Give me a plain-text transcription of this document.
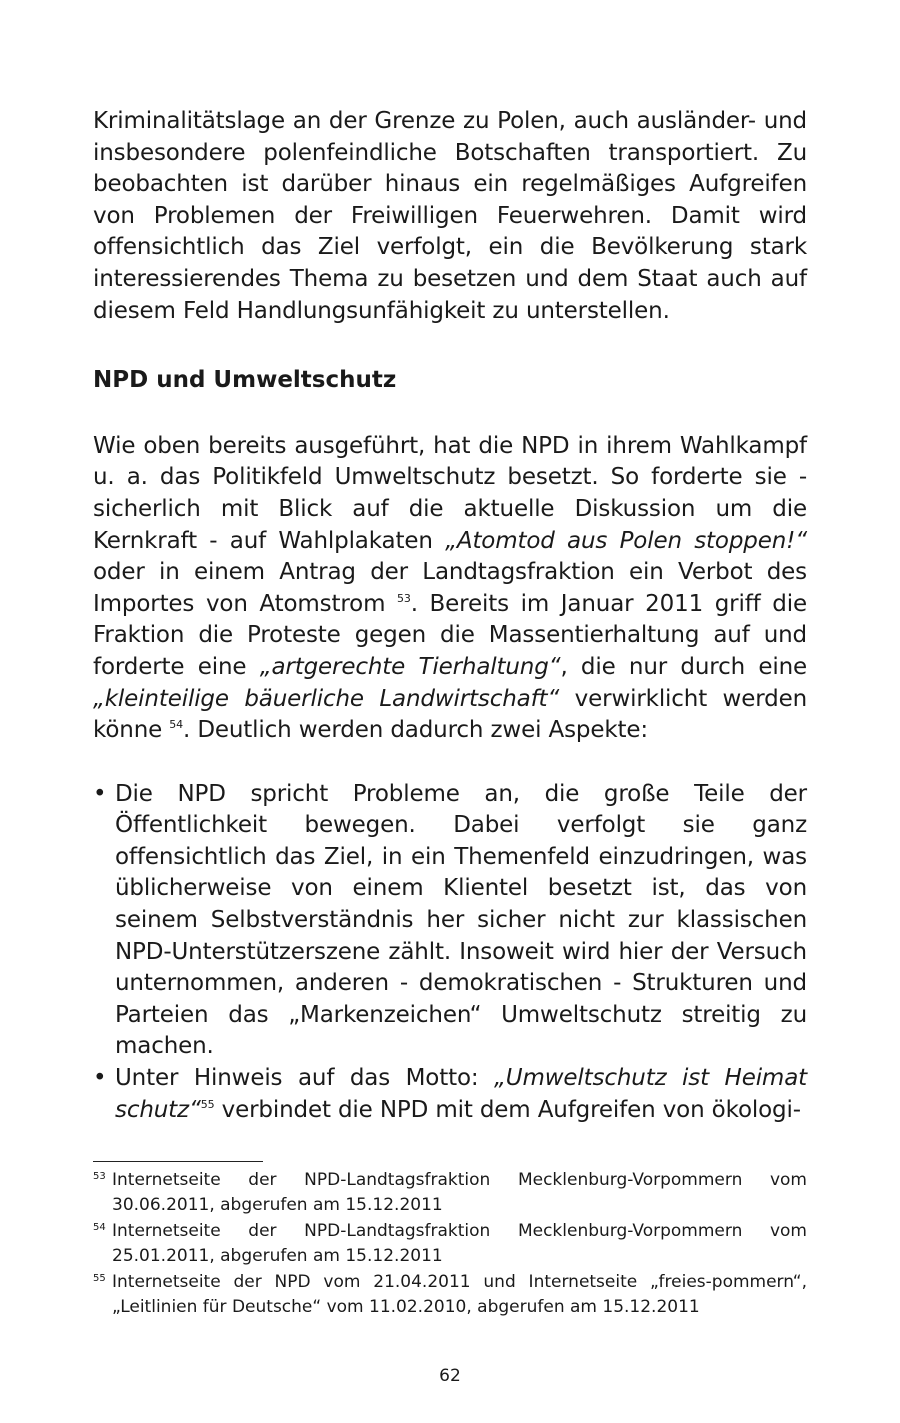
Kriminalitätslage an der Grenze zu Polen, auch ausländer- und insbesondere polenfeindliche Botschaften transportiert. Zu beobachten ist darüber hinaus ein regelmäßiges Aufgreifen von Problemen der Freiwilligen Feuerwehren. Damit wird offensichtlich das Ziel verfolgt, ein die Bevölkerung stark interessierendes Thema zu besetzen und dem Staat auch auf diesem Feld Handlungsunfähigkeit zu unterstellen.

NPD und Umweltschutz

Wie oben bereits ausgeführt, hat die NPD in ihrem Wahlkampf u. a. das Politikfeld Umweltschutz besetzt. So forderte sie - sicherlich mit Blick auf die aktuelle Diskussion um die Kernkraft - auf Wahlplakaten „Atomtod aus Polen stoppen!“ oder in einem Antrag der Landtagsfraktion ein Verbot des Importes von Atomstrom $^{53}$. Bereits im Januar 2011 griff die Fraktion die Proteste gegen die Massentierhaltung auf und forderte eine „artgerechte Tierhaltung“, die nur durch eine „kleinteilige bäuerliche Landwirtschaft“ verwirklicht werden könne $^{54}$. Deutlich werden dadurch zwei Aspekte:

• Die NPD spricht Probleme an, die große Teile der Öffentlichkeit bewegen. Dabei verfolgt sie ganz offensichtlich das Ziel, in ein Themenfeld einzudringen, was üblicherweise von einem Klientel besetzt ist, das von seinem Selbstverständnis her sicher nicht zur klassischen NPD-Unterstützerszene zählt. Insoweit wird hier der Versuch unternommen, anderen - demokratischen - Strukturen und Parteien das „Markenzeichen“ Umweltschutz streitig zu machen.
• Unter Hinweis auf das Motto: „Umweltschutz ist Heimat schutz“$^{55}$ verbindet die NPD mit dem Aufgreifen von ökologi-

53 Internetseite der NPD-Landtagsfraktion Mecklenburg-Vorpommern vom 30.06.2011, abgerufen am 15.12.2011

54 Internetseite der NPD-Landtagsfraktion Mecklenburg-Vorpommern vom 25.01.2011, abgerufen am 15.12.2011

55 Internetseite der NPD vom 21.04.2011 und Internetseite „freies-pommern“, „Leitlinien für Deutsche“ vom 11.02.2010, abgerufen am 15.12.2011

62
